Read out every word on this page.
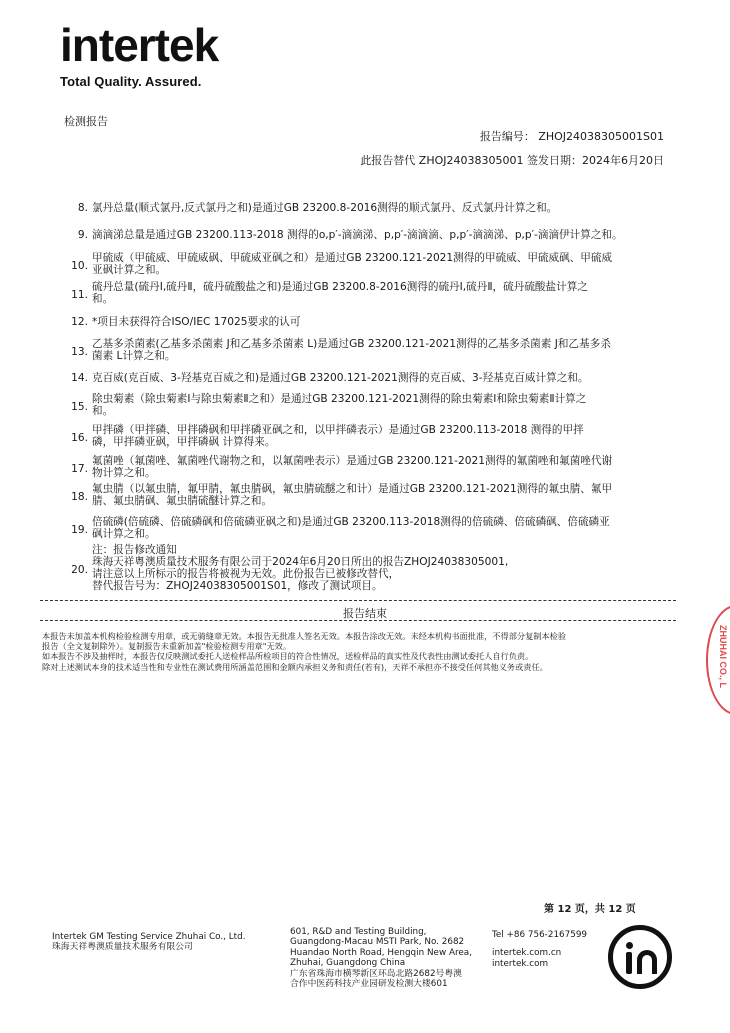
intertek
Total Quality. Assured.
检测报告
报告编号： ZHOJ24038305001S01
此报告替代 ZHOJ24038305001 签发日期：2024年6月20日
8. 氯丹总量(顺式氯丹,反式氯丹之和)是通过GB 23200.8-2016测得的顺式氯丹、反式氯丹计算之和。
9. 滴滴涕总量是通过GB 23200.113-2018 测得的o,p′-滴滴涕、p,p′-滴滴滴、p,p′-滴滴涕、p,p′-滴滴伊计算之和。
10.
甲硫威（甲硫威、甲硫威砜、甲硫威亚砜之和）是通过GB 23200.121-2021测得的甲硫威、甲硫威砜、甲硫威
亚砜计算之和。
11.
硫丹总量(硫丹Ⅰ,硫丹Ⅱ，硫丹硫酸盐之和)是通过GB 23200.8-2016测得的硫丹Ⅰ,硫丹Ⅱ，硫丹硫酸盐计算之
和。
12. *项目未获得符合ISO/IEC 17025要求的认可
13.
乙基多杀菌素(乙基多杀菌素 J和乙基多杀菌素 L)是通过GB 23200.121-2021测得的乙基多杀菌素 J和乙基多杀
菌素 L计算之和。
14. 克百威(克百威、3-羟基克百威之和)是通过GB 23200.121-2021测得的克百威、3-羟基克百威计算之和。
15.
除虫菊素（除虫菊素Ⅰ与除虫菊素Ⅱ之和）是通过GB 23200.121-2021测得的除虫菊素Ⅰ和除虫菊素Ⅱ计算之
和。
16.
甲拌磷（甲拌磷、甲拌磷砜和甲拌磷亚砜之和，以甲拌磷表示）是通过GB 23200.113-2018 测得的甲拌
磷，甲拌磷亚砜，甲拌磷砜 计算得来。
17.
氟菌唑（氟菌唑、氟菌唑代谢物之和，以氟菌唑表示）是通过GB 23200.121-2021测得的氟菌唑和氟菌唑代谢
物计算之和。
18.
氟虫腈（以氟虫腈，氟甲腈，氟虫腈砜，氟虫腈硫醚之和计）是通过GB 23200.121-2021测得的氟虫腈、氟甲
腈、氟虫腈砜、氟虫腈硫醚计算之和。
19.
倍硫磷(倍硫磷、倍硫磷砜和倍硫磷亚砜之和)是通过GB 23200.113-2018测得的倍硫磷、倍硫磷砜、倍硫磷亚
砜计算之和。
20.
注：报告修改通知
珠海天祥粤澳质量技术服务有限公司于2024年6月20日所出的报告ZHOJ24038305001,
请注意以上所标示的报告将被视为无效。此份报告已被修改替代，
替代报告号为：ZHOJ24038305001S01，修改了测试项目。
报告结束
本报告未加盖本机构检验检测专用章，或无骑缝章无效。本报告无批准人签名无效。本报告涂改无效。未经本机构书面批准，不得部分复制本检验
报告（全文复制除外）。复制报告未重新加盖"检验检测专用章"无效。
如本报告不涉及抽样时，本报告仅反映测试委托人送检样品所检项目的符合性情况，送检样品的真实性及代表性由测试委托人自行负责。
除对上述测试本身的技术适当性和专业性在测试费用所涵盖范围和金额内承担义务和责任(若有)，天祥不承担亦不接受任何其他义务或责任。	ZHUHAI CO., L
第 12 页，共 12 页
Intertek GM Testing Service Zhuhai Co., Ltd.
珠海天祥粤澳质量技术服务有限公司
601, R&D and Testing Building,
Guangdong-Macau MSTI Park, No. 2682
Huandao North Road, Hengqin New Area,
Zhuhai, Guangdong China
广东省珠海市横琴新区环岛北路2682号粤澳
合作中医药科技产业园研发检测大楼601
Tel +86 756-2167599
intertek.com.cn
intertek.com
